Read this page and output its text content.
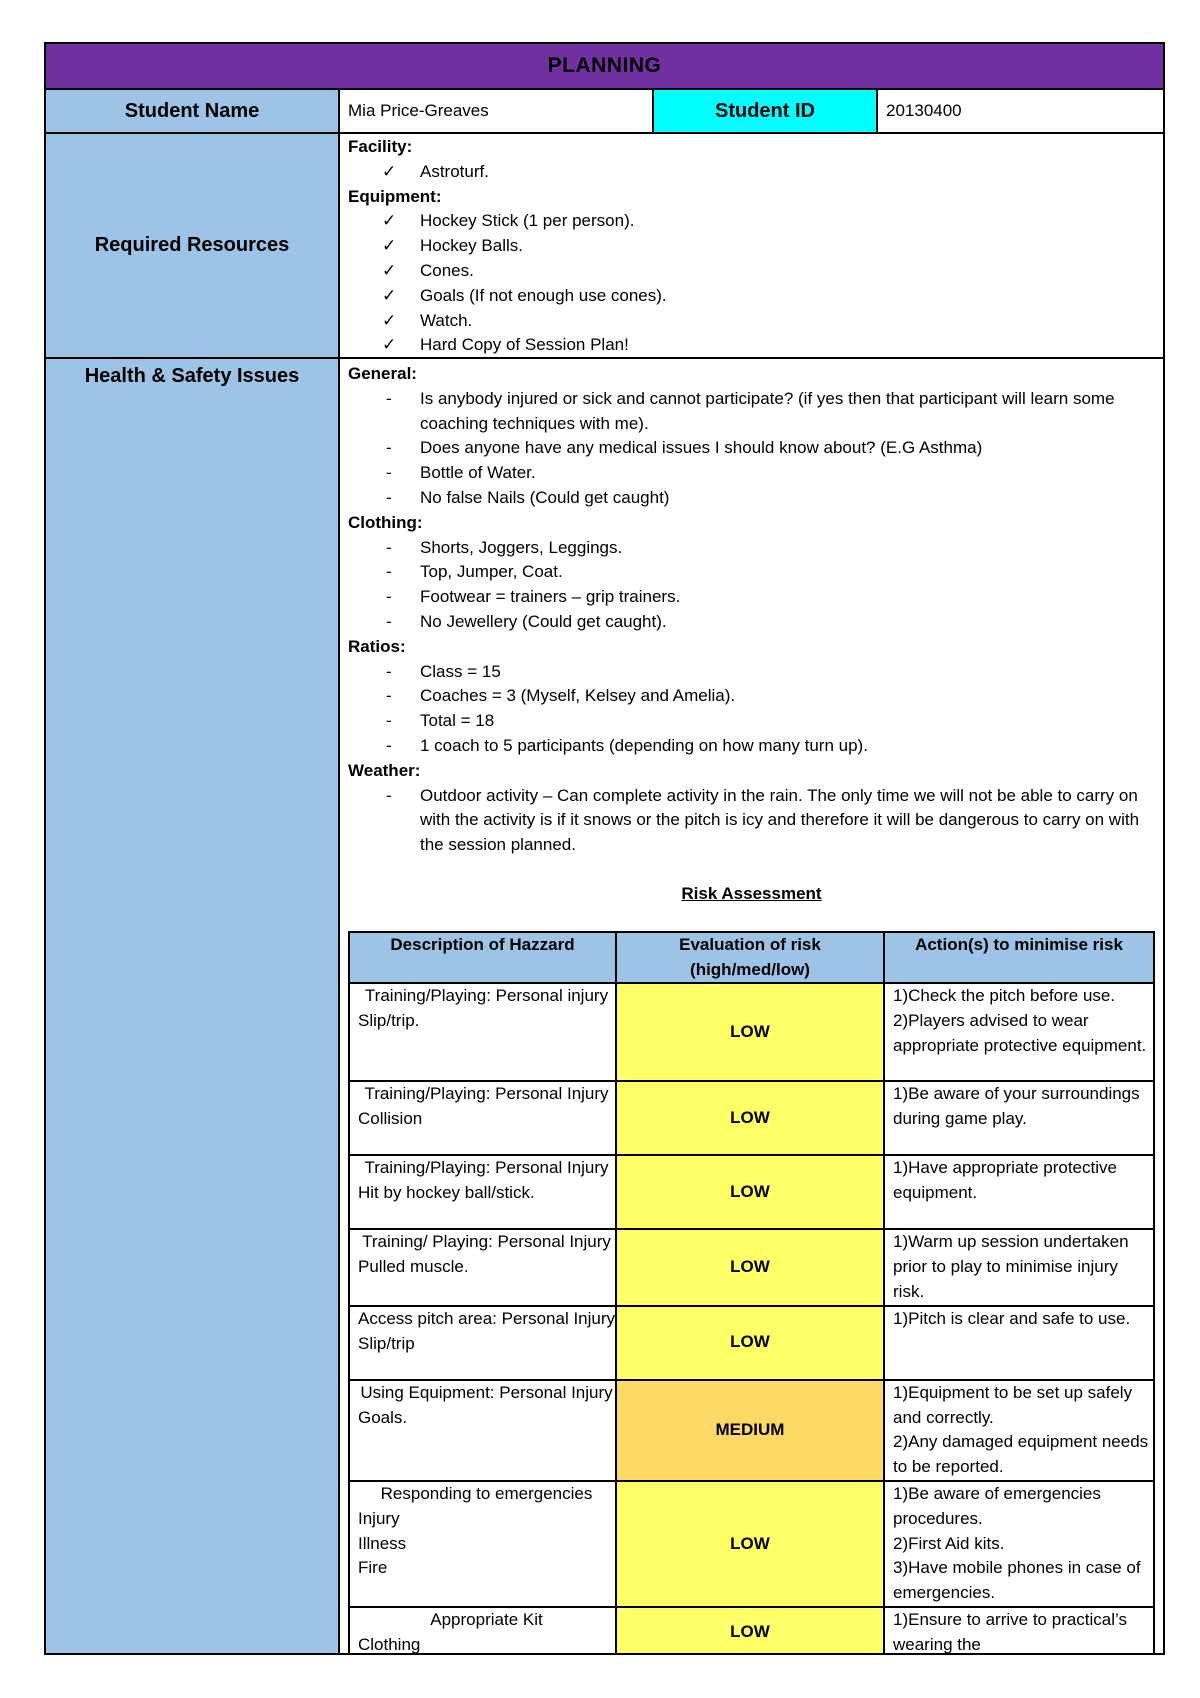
PLANNING
Student Name	Mia Price-Greaves	Student ID	20130400
Required Resources
Facility:
✓ Astroturf.
Equipment:
✓ Hockey Stick (1 per person).
✓ Hockey Balls.
✓ Cones.
✓ Goals (If not enough use cones).
✓ Watch.
✓ Hard Copy of Session Plan!
Health & Safety Issues	General:
- Is anybody injured or sick and cannot participate? (if yes then that participant will learn some coaching techniques with me).
- Does anyone have any medical issues I should know about? (E.G Asthma)
- Bottle of Water.
- No false Nails (Could get caught)
Clothing:
- Shorts, Joggers, Leggings.
- Top, Jumper, Coat.
- Footwear = trainers – grip trainers.
- No Jewellery (Could get caught).
Ratios:
- Class = 15
- Coaches = 3 (Myself, Kelsey and Amelia).
- Total = 18
- 1 coach to 5 participants (depending on how many turn up).
Weather:
- Outdoor activity – Can complete activity in the rain. The only time we will not be able to carry on with the activity is if it snows or the pitch is icy and therefore it will be dangerous to carry on with the session planned.
Risk Assessment
Description of Hazzard	Evaluation of risk (high/med/low)	Action(s) to minimise risk

Training/Playing: Personal injury
Slip/trip.	LOW	1)Check the pitch before use.
2)Players advised to wear appropriate protective equipment.

Training/Playing: Personal Injury
Collision	LOW	1)Be aware of your surroundings during game play.

Training/Playing: Personal Injury
Hit by hockey ball/stick.	LOW	1)Have appropriate protective equipment.

Training/ Playing: Personal Injury
Pulled muscle.	LOW	1)Warm up session undertaken prior to play to minimise injury risk.

Access pitch area: Personal Injury
Slip/trip	LOW	1)Pitch is clear and safe to use.

Using Equipment: Personal Injury
Goals.	MEDIUM	1)Equipment to be set up safely and correctly.
2)Any damaged equipment needs to be reported.

Responding to emergencies
Injury
Illness
Fire	LOW	1)Be aware of emergencies procedures.
2)First Aid kits.
3)Have mobile phones in case of emergencies.

Appropriate Kit
Clothing	LOW	1)Ensure to arrive to practical’s wearing the
